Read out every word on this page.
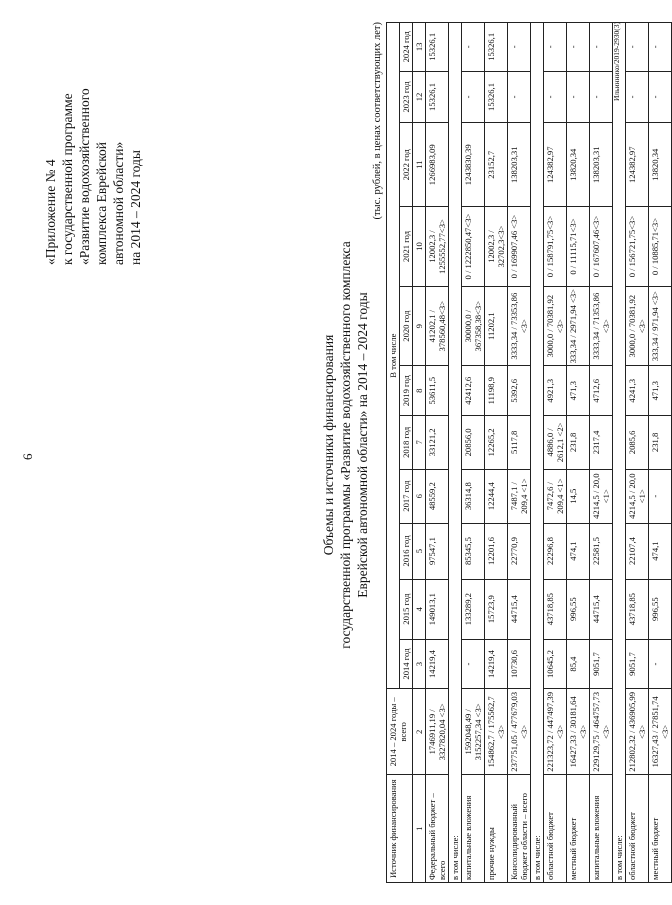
6
«Приложение № 4 к государственной программе «Развитие водохозяйственного комплекса Еврейской автономной области» на 2014 – 2024 годы
Объемы и источники финансирования государственной программы «Развитие водохозяйственного комплекса Еврейской автономной области» на 2014 – 2024 годы
(тыс. рублей, в ценах соответствующих лет)
Источник финансирования	2014 – 2024 годы – всего	В том числе										
		2014 год	2015 год	2016 год	2017 год	2018 год	2019 год	2020 год	2021 год	2022 год	2023 год	2024 год
1	2	3	4	5	6	7	8	9	10	11	12	13
Федеральный бюджет – всего	1746911,19 / 3327820,04 <3>	14219,4	149013,1	97547,1	48559,2	33121,2	53611,5	41202,1 / 378560,48<3>	12002,3 / 1255552,77<3>	1266983,09	15326,1	15326,1
в том числе:												
капитальные вложения	1592048,49 / 3152257,34 <3>	-	133289,2	85345,5	36314,8	20856,0	42412,6	30000,0 / 367358,38<3>	0 / 1222850,47<3>	1243830,39	-	-
прочие нужды	154862,7 / 175562,7 <3>	14219,4	15723,9	12201,6	12244,4	12265,2	11198,9	11202,1	12002,3 / 32702,3<3>	23152,7	15326,1	15326,1
Консолидированный бюджет области – всего	237751,05 / 477679,03 <3>	10730,6	44715,4	22770,9	7487,1 / 209,4 <1>	5117,8	5392,6	3333,34 / 73353,86 <3>	0 / 169907,46 <3>	138203,31	-	-
в том числе:												
областной бюджет	221323,72 / 447497,39 <3>	10645,2	43718,85	22296,8	7472,6 / 209,4 <1>	4886,0 / 2612,1 <2>	4921,3	3000,0 / 70381,92 <3>	0 / 158791,75<3>	124382,97	-	-
местный бюджет	16427,33 / 30181,64 <3>	85,4	996,55	474,1	14,5	231,8	471,3	333,34 / 2971,94 <3>	0 / 11115,71<3>	13820,34	-	-
капитальные вложения	229129,75 / 464757,73 <3>	9051,7	44715,4	22581,5	4214,5 / 20,0 <1>	2317,4	4712,6	3333,34 / 71353,86 <3>	0 / 167607,46<3>	138203,31	-	-
в том числе:												
областной бюджет	212802,32 / 436905,99 <3>	9051,7	43718,85	22107,4	4214,5 / 20,0 <1>	2085,6	4241,3	3000,0 / 70381,92 <3>	0 / 156721,75<3>	124382,97	-	-
местный бюджет	16327,43 / 27851,74 <3>	-	996,55	474,1	-	231,8	471,3	333,34 / 971,94 <3>	0 / 10885,71<3>	13820,34	-	-
Ильиннико/2019-2930(3)
